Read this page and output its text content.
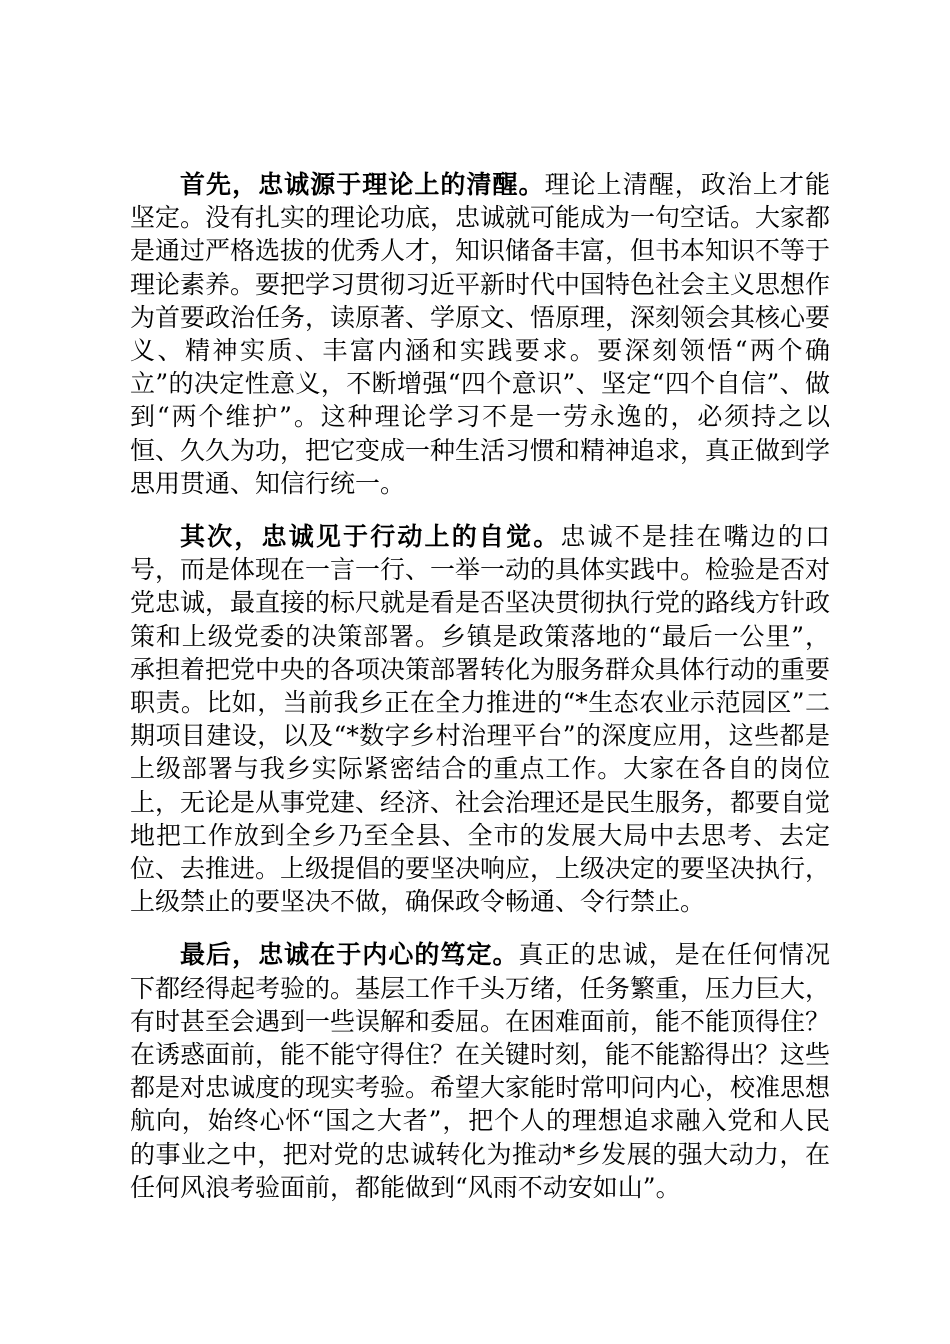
首先，忠诚源于理论上的清醒。理论上清醒，政治上才能坚定。没有扎实的理论功底，忠诚就可能成为一句空话。大家都是通过严格选拔的优秀人才，知识储备丰富，但书本知识不等于理论素养。要把学习贯彻习近平新时代中国特色社会主义思想作为首要政治任务，读原著、学原文、悟原理，深刻领会其核心要义、精神实质、丰富内涵和实践要求。要深刻领悟“两个确立”的决定性意义，不断增强“四个意识”、坚定“四个自信”、做到“两个维护”。这种理论学习不是一劳永逸的，必须持之以恒、久久为功，把它变成一种生活习惯和精神追求，真正做到学思用贯通、知信行统一。

其次，忠诚见于行动上的自觉。忠诚不是挂在嘴边的口号，而是体现在一言一行、一举一动的具体实践中。检验是否对党忠诚，最直接的标尺就是看是否坚决贯彻执行党的路线方针政策和上级党委的决策部署。乡镇是政策落地的“最后一公里”，承担着把党中央的各项决策部署转化为服务群众具体行动的重要职责。比如，当前我乡正在全力推进的“*生态农业示范园区”二期项目建设，以及“*数字乡村治理平台”的深度应用，这些都是上级部署与我乡实际紧密结合的重点工作。大家在各自的岗位上，无论是从事党建、经济、社会治理还是民生服务，都要自觉地把工作放到全乡乃至全县、全市的发展大局中去思考、去定位、去推进。上级提倡的要坚决响应，上级决定的要坚决执行，上级禁止的要坚决不做，确保政令畅通、令行禁止。

最后，忠诚在于内心的笃定。真正的忠诚，是在任何情况下都经得起考验的。基层工作千头万绪，任务繁重，压力巨大，有时甚至会遇到一些误解和委屈。在困难面前，能不能顶得住？在诱惑面前，能不能守得住？在关键时刻，能不能豁得出？这些都是对忠诚度的现实考验。希望大家能时常叩问内心，校准思想航向，始终心怀“国之大者”，把个人的理想追求融入党和人民的事业之中，把对党的忠诚转化为推动*乡发展的强大动力，在任何风浪考验面前，都能做到“风雨不动安如山”。
